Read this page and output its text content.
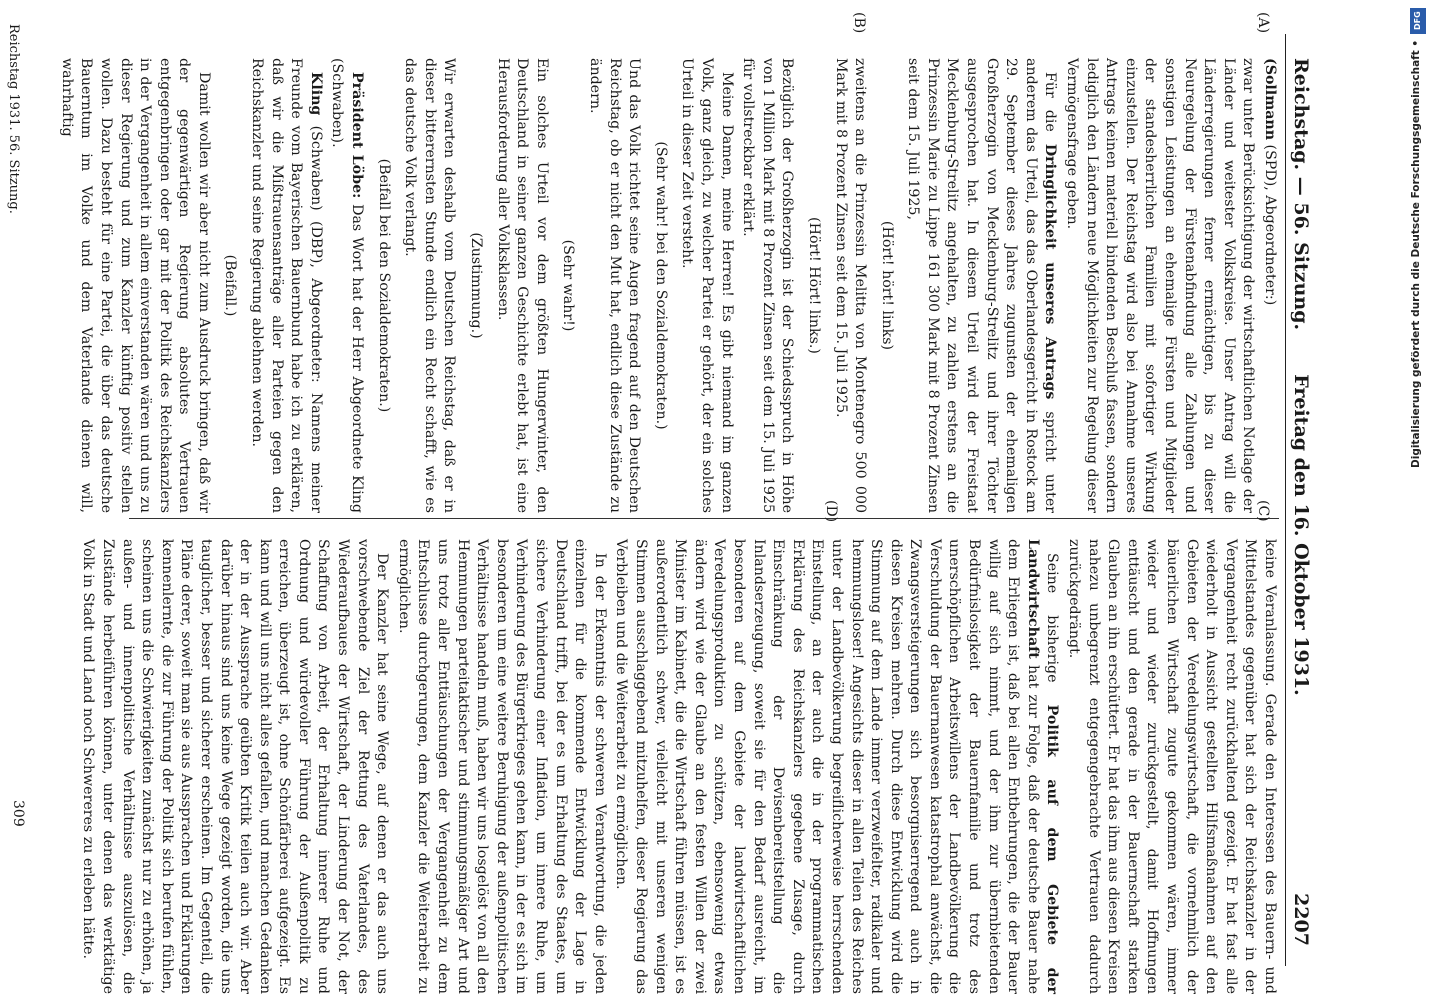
Reichstag. — 56. Sitzung.
Freitag den 16. Oktober 1931.
2207
(A)
(B)
(C)
(D)

(Sollmann (SPD), Abgeordneter:)

zwar unter Berücksichtigung der wirtschaftlichen Notlage der Länder und weitester Volkskreise. Unser Antrag will die Länderregierungen ferner ermächtigen, bis zu dieser Neuregelung der Fürstenabfindung alle Zahlungen und sonstigen Leistungen an ehemalige Fürsten und Mitglieder der standesherrlichen Familien mit sofortiger Wirkung einzustellen. Der Reichstag wird also bei Annahme unseres Antrags keinen materiell bindenden Beschluß fassen, sondern lediglich den Ländern neue Möglichkeiten zur Regelung dieser Vermögensfrage geben.

Für die Dringlichkeit unseres Antrags spricht unter anderem das Urteil, das das Oberlandesgericht in Rostock am 29. September dieses Jahres zugunsten der ehemaligen Großherzogin von Mecklenburg-Strelitz und ihrer Töchter ausgesprochen hat. In diesem Urteil wird der Freistaat Mecklenburg-Strelitz angehalten, zu zahlen erstens an die Prinzessin Marie zu Lippe 161 300 Mark mit 8 Prozent Zinsen seit dem 15. Juli 1925,

(Hört! hört! links)

zweitens an die Prinzessin Melitta von Montenegro 500 000 Mark mit 8 Prozent Zinsen seit dem 15. Juli 1925.

(Hört! Hört! links.)

Bezüglich der Großherzogin ist der Schiedsspruch in Höhe von 1 Million Mark mit 8 Prozent Zinsen seit dem 15. Juli 1925 für vollstreckbar erklärt.

Meine Damen, meine Herren! Es gibt niemand im ganzen Volk, ganz gleich, zu welcher Partei er gehört, der ein solches Urteil in dieser Zeit versteht.

(Sehr wahr! bei den Sozialdemokraten.)

Und das Volk richtet seine Augen fragend auf den Deutschen Reichstag, ob er nicht den Mut hat, endlich diese Zustände zu ändern.

(Sehr wahr!)

Ein solches Urteil vor dem größten Hungerwinter, den Deutschland in seiner ganzen Geschichte erlebt hat, ist eine Herausforderung aller Volksklassen.

(Zustimmung.)

Wir erwarten deshalb vom Deutschen Reichstag, daß er in dieser bitterernsten Stunde endlich ein Recht schafft, wie es das deutsche Volk verlangt.

(Beifall bei den Sozialdemokraten.)

Präsident Löbe: Das Wort hat der Herr Abgeordnete Kling (Schwaben).

Kling (Schwaben) (DBP), Abgeordneter: Namens meiner Freunde vom Bayerischen Bauernbund habe ich zu erklären, daß wir die Mißtrauensanträge aller Parteien gegen den Reichskanzler und seine Regierung ablehnen werden.

(Beifall.)

Damit wollen wir aber nicht zum Ausdruck bringen, daß wir der gegenwärtigen Regierung absolutes Vertrauen entgegenbringen oder gar mit der Politik des Reichskanzlers in der Vergangenheit in allem einverstanden wären und uns zu dieser Regierung und zum Kanzler künftig positiv stellen wollen. Dazu besteht für eine Partei, die über das deutsche Bauerntum im Volke und dem Vaterlande dienen will, wahrhaftig

keine Veranlassung. Gerade den Interessen des Bauern- und Mittelstandes gegenüber hat sich der Reichskanzler in der Vergangenheit recht zurückhaltend gezeigt. Er hat fast alle wiederholt in Aussicht gestellten Hilfsmaßnahmen auf den Gebieten der Veredelungswirtschaft, die vornehmlich der bäuerlichen Wirtschaft zugute gekommen wären, immer wieder und wieder zurückgestellt, damit Hoffnungen enttäuscht und den gerade in der Bauernschaft starken Glauben an ihn erschüttert. Er hat das ihm aus diesen Kreisen nahezu unbegrenzt entgegengebrachte Vertrauen dadurch zurückgedrängt.

Seine bisherige Politik auf dem Gebiete der Landwirtschaft hat zur Folge, daß der deutsche Bauer nahe dem Erliegen ist, daß bei allen Entbehrungen, die der Bauer willig auf sich nimmt, und der ihm zur übernbietenden Bedürfnislosigkeit der Bauernfamilie und trotz des unerschöpflichen Arbeitswillens der Landbevölkerung die Verschuldung der Bauernanwesen katastrophal anwächst, die Zwangsversteigerungen sich besorgniserregend auch in diesen Kreisen mehren. Durch diese Entwicklung wird die Stimmung auf dem Lande immer verzweifelter, radikaler und hemmungsloser! Angesichts dieser in allen Teilen des Reiches unter der Landbevölkerung begreiflicherweise herrschenden Einstellung, an der auch die in der programmatischen Erklärung des Reichskanzlers gegebene Zusage, durch Einschränkung der Devisenbereitstellung die Inlandserzeugung, soweit sie für den Bedarf ausreicht, im besonderen auf dem Gebiete der landwirtschaftlichen Veredelungsproduktion zu schützen, ebensowenig etwas ändern wird wie der Glaube an den festen Willen der zwei Minister im Kabinett, die die Wirtschaft führen müssen, ist es außerordentlich schwer, vielleicht mit unseren wenigen Stimmen ausschlaggebend mitzuhelfen, dieser Regierung das Verbleiben und die Weiterarbeit zu ermöglichen.

In der Erkenntnis der schweren Verantwortung, die jeden einzelnen für die kommende Entwicklung der Lage in Deutschland trifft, bei der es um Erhaltung des Staates, um sichere Verhinderung einer Inflation, um innere Ruhe, um Verhinderung des Bürgerkrieges gehen kann, in der es sich im besonderen um eine weitere Beruhigung der außenpolitischen Verhältnisse handeln muß, haben wir uns losgelöst von all den Hemmungen parteitaktischer und stimmungsmäßiger Art und uns trotz aller Enttäuschungen der Vergangenheit zu dem Entschlusse durchgerungen, dem Kanzler die Weiterarbeit zu ermöglichen.

Der Kanzler hat seine Wege, auf denen er das auch uns vorschwebende Ziel der Rettung des Vaterlandes, des Wiederaufbaues der Wirtschaft, der Linderung der Not, der Schaffung von Arbeit, der Erhaltung innerer Ruhe und Ordnung und würdevoller Führung der Außenpolitik zu erreichen, überzeugt ist, ohne Schönfärberei aufgezeigt. Es kann und will uns nicht alles gefallen, und manchen Gedanken der in der Aussprache geübten Kritik teilen auch wir. Aber darüber hinaus sind uns keine Wege gezeigt worden, die uns tauglicher, besser und sicherer erscheinen. Im Gegenteil, die Pläne derer, soweit man sie aus Aussprachen und Erklärungen kennenlernte, die zur Führung der Politik sich berufen fühlen, scheinen uns die Schwierigkeiten zunächst nur zu erhöhen, ja außen- und innenpolitische Verhältnisse auszulösen, die Zustände herbeiführen können, unter denen das werktätige Volk in Stadt und Land noch Schwereres zu erleben hätte.

Reichstag 1931. 56. Sitzung.
309
DFG
Digitalisierung gefördert durch die Deutsche Forschungsgemeinschaft •
